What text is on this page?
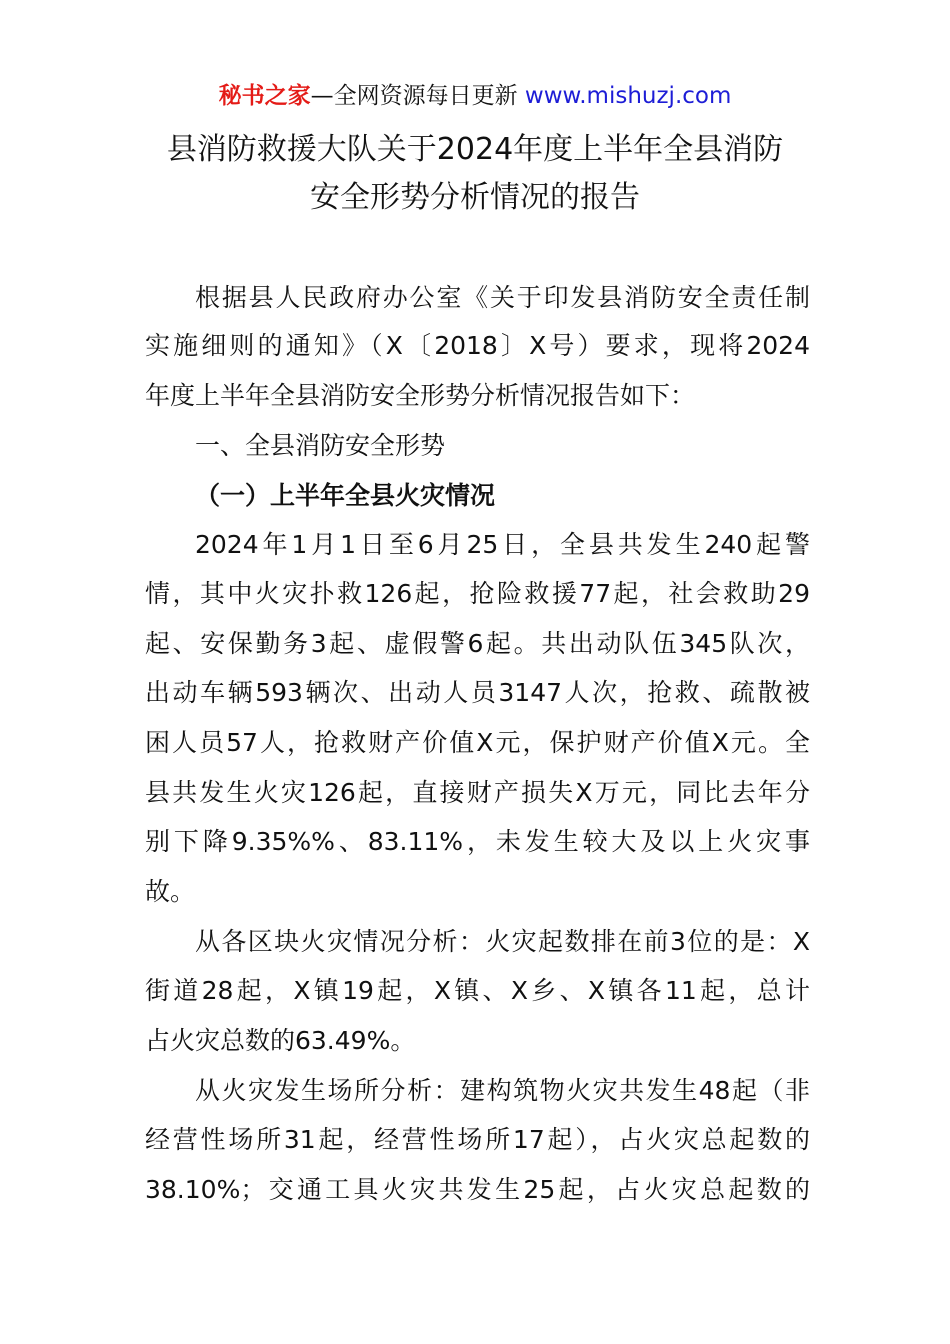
秘书之家—全网资源每日更新 www.mishuzj.com
县消防救援大队关于2024年度上半年全县消防
安全形势分析情况的报告
根据县人民政府办公室《关于印发县消防安全责任制
实施细则的通知》（X〔2018〕X号）要求，现将2024
年度上半年全县消防安全形势分析情况报告如下：
一、全县消防安全形势
（一）上半年全县火灾情况
2024年1月1日至6月25日，全县共发生240起警
情，其中火灾扑救126起，抢险救援77起，社会救助29
起、安保勤务3起、虚假警6起。共出动队伍345队次，
出动车辆593辆次、出动人员3147人次，抢救、疏散被
困人员57人，抢救财产价值X元，保护财产价值X元。全
县共发生火灾126起，直接财产损失X万元，同比去年分
别下降9.35%%、83.11%，未发生较大及以上火灾事
故。
从各区块火灾情况分析：火灾起数排在前3位的是：X
街道28起，X镇19起，X镇、X乡、X镇各11起，总计
占火灾总数的63.49%。
从火灾发生场所分析：建构筑物火灾共发生48起（非
经营性场所31起，经营性场所17起），占火灾总起数的
38.10%；交通工具火灾共发生25起，占火灾总起数的
